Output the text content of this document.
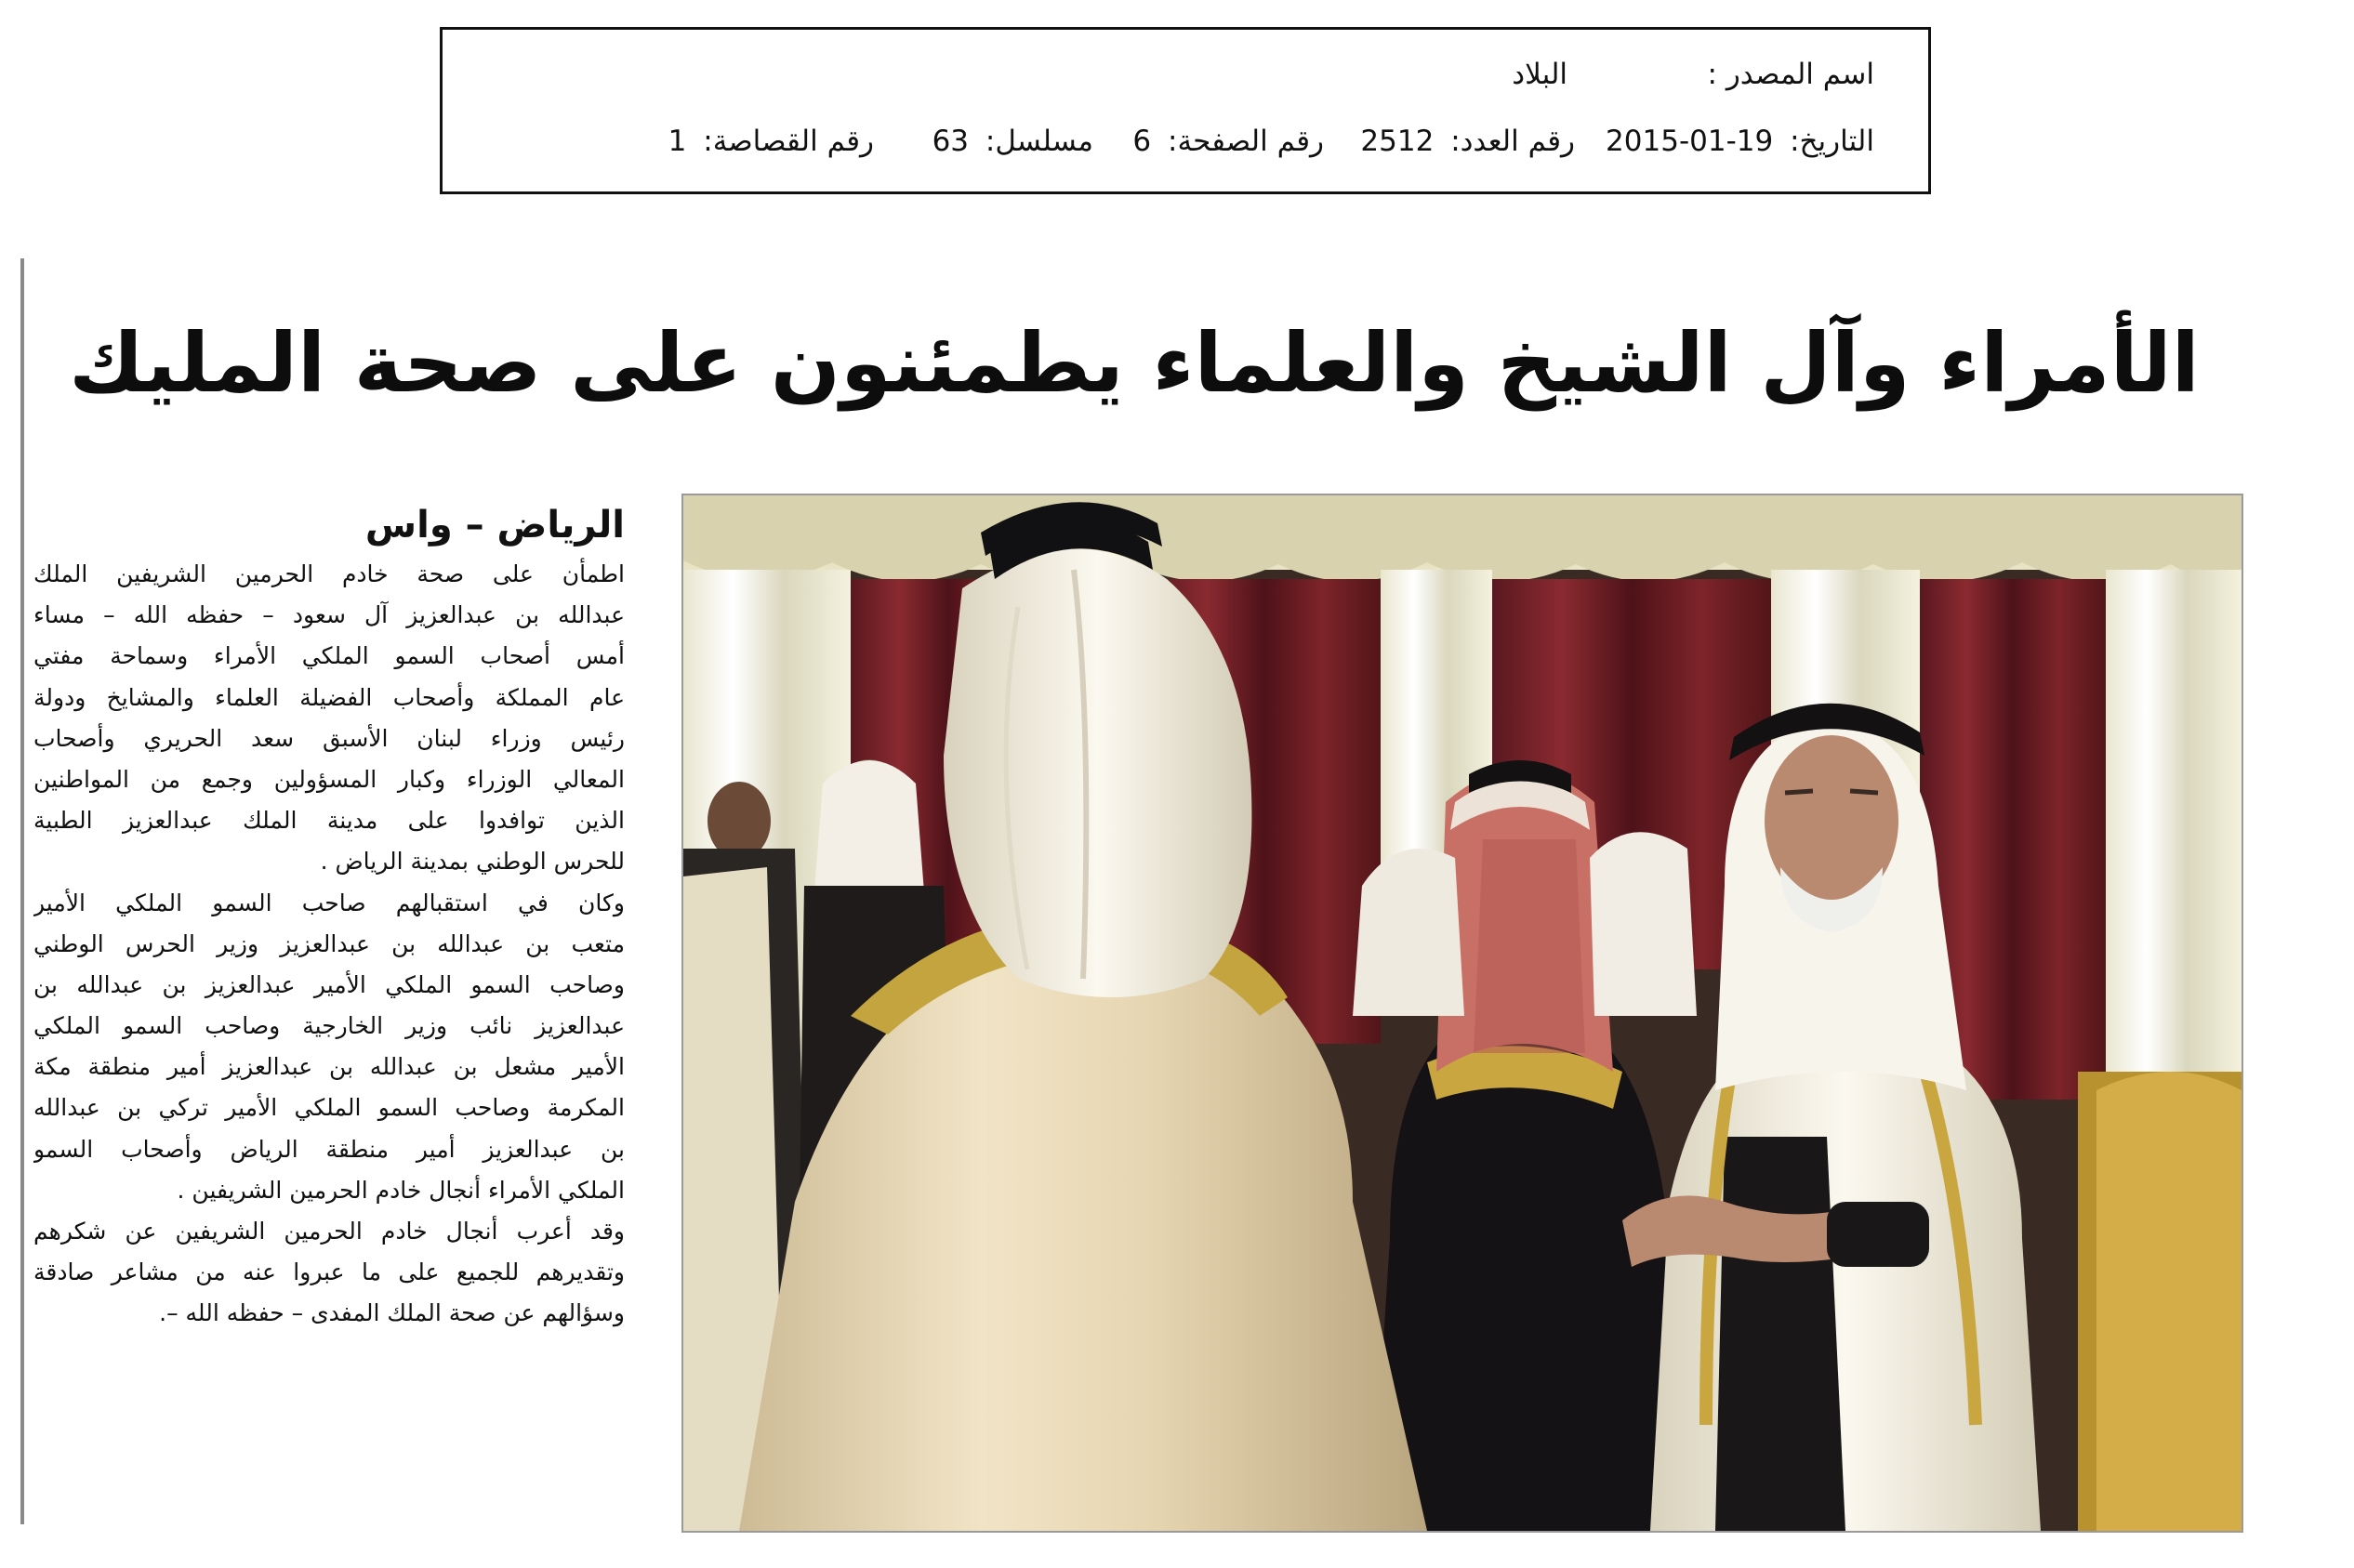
اسم المصدر :
البلاد
التاريخ: 2015-01-19
رقم العدد: 2512
رقم الصفحة: 6
مسلسل: 63
رقم القصاصة: 1
الأمراء وآل الشيخ والعلماء يطمئنون على صحة المليك
الرياض – واس
اطمأن على صحة خادم الحرمين الشريفين الملك
عبدالله بن عبدالعزيز آل سعود – حفظه الله – مساء
أمس أصحاب السمو الملكي الأمراء وسماحة مفتي
عام المملكة وأصحاب الفضيلة العلماء والمشايخ ودولة
رئيس وزراء لبنان الأسبق سعد الحريري وأصحاب
المعالي الوزراء وكبار المسؤولين وجمع من المواطنين
الذين توافدوا على مدينة الملك عبدالعزيز الطبية
للحرس الوطني بمدينة الرياض .
وكان في استقبالهم صاحب السمو الملكي الأمير
متعب بن عبدالله بن عبدالعزيز وزير الحرس الوطني
وصاحب السمو الملكي الأمير عبدالعزيز بن عبدالله بن
عبدالعزيز نائب وزير الخارجية وصاحب السمو الملكي
الأمير مشعل بن عبدالله بن عبدالعزيز أمير منطقة مكة
المكرمة وصاحب السمو الملكي الأمير تركي بن عبدالله
بن عبدالعزيز أمير منطقة الرياض وأصحاب السمو
الملكي الأمراء أنجال خادم الحرمين الشريفين .
وقد أعرب أنجال خادم الحرمين الشريفين عن شكرهم
وتقديرهم للجميع على ما عبروا عنه من مشاعر صادقة
وسؤالهم عن صحة الملك المفدى – حفظه الله –.
